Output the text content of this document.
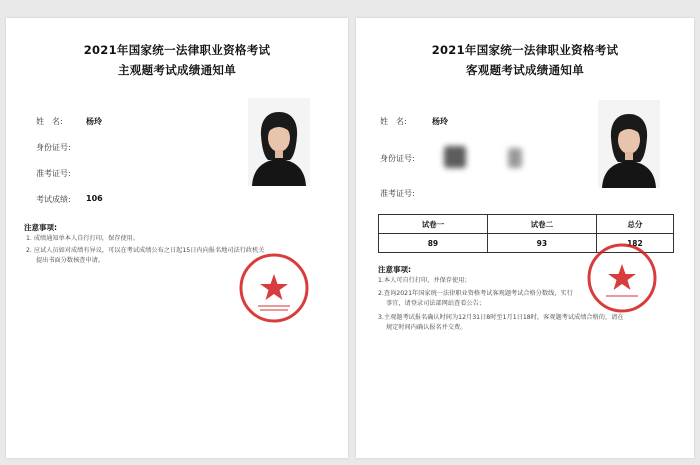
2021年国家统一法律职业资格考试
主观题考试成绩通知单
姓　名:	杨玲
身份证号:
准考证号:
考试成绩: 106
注意事项:
1. 成绩通知单本人自行打印，保存使用。
2. 应试人员如对成绩有异议，可以在考试成绩公布之日起15日内向报名地司法行政机关
提出书面分数核查申请。
2021年国家统一法律职业资格考试
客观题考试成绩通知单
姓　名:	杨玲
身份证号:
准考证号:
试卷一	试卷二	总分
89	93	182
注意事项:
1.本人可自行打印，并保存使用；
2.查询2021年国家统一法律职业资格考试客观题考试合格分数线，实行
事宜，请登录司法部网站查看公告；
3.主观题考试报名确认时间为12月31日8时至1月1日18时，客观题考试成绩合格的，请在
规定时间内确认报名并交费。
